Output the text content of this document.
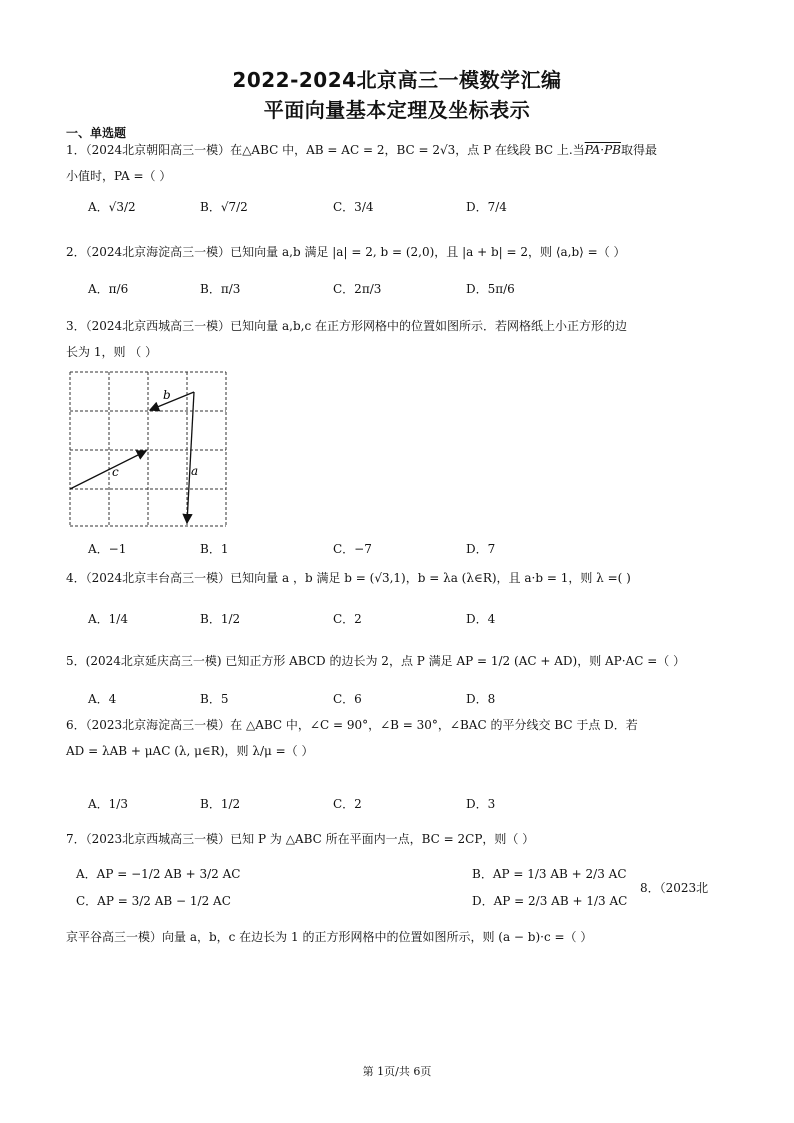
2022-2024北京高三一模数学汇编
平面向量基本定理及坐标表示
一、单选题
1．（2024北京朝阳高三一模）在△ABC 中，AB = AC = 2，BC = 2√3，点 P 在线段 BC 上.当PA·PB取得最
小值时，PA =（ ）
A．√3/2	B．√7/2	C．3/4	D．7/4
2．（2024北京海淀高三一模）已知向量 a,b 满足 |a| = 2, b = (2,0)，且 |a + b| = 2，则 ⟨a,b⟩ =（ ）
A．π/6	B．π/3	C．2π/3	D．5π/6
3．（2024北京西城高三一模）已知向量 a,b,c 在正方形网格中的位置如图所示．若网格纸上小正方形的边
长为 1，则 （ ）
b
a
c
A．−1	B．1	C．−7	D．7
4．（2024北京丰台高三一模）已知向量 a ，b 满足 b = (√3,1)，b = λa (λ∈R)，且 a·b = 1，则 λ =( )
A．1/4	B．1/2	C．2	D．4
5．(2024北京延庆高三一模) 已知正方形 ABCD 的边长为 2，点 P 满足 AP = 1/2 (AC + AD)，则 AP·AC =（ ）
A．4	B．5	C．6	D．8
6．（2023北京海淀高三一模）在 △ABC 中，∠C = 90°，∠B = 30°，∠BAC 的平分线交 BC 于点 D．若
AD = λAB + μAC (λ, μ∈R)，则 λ/μ =（ ）
A．1/3	B．1/2	C．2	D．3
7．（2023北京西城高三一模）已知 P 为 △ABC 所在平面内一点，BC = 2CP，则（ ）
A．AP = −1/2 AB + 3/2 AC	B．AP = 1/3 AB + 2/3 AC
C．AP = 3/2 AB − 1/2 AC	D．AP = 2/3 AB + 1/3 AC
8．（2023北
京平谷高三一模）向量 a，b，c 在边长为 1 的正方形网格中的位置如图所示，则 (a − b)·c =（ ）
第 1页/共 6页
